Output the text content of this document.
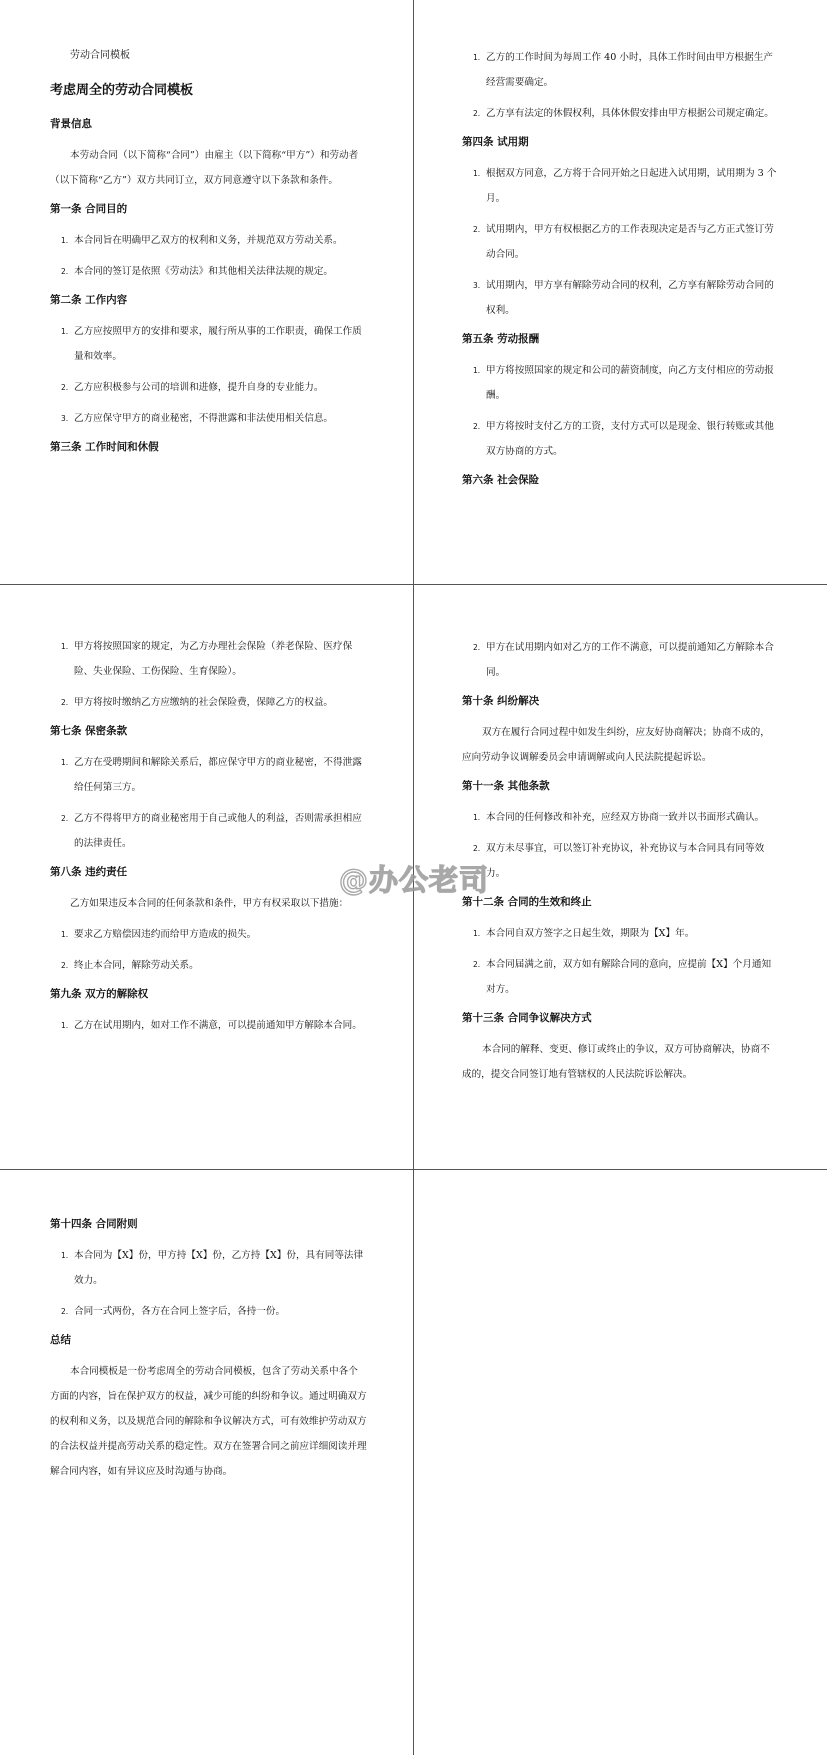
劳动合同模板
考虑周全的劳动合同模板
背景信息
本劳动合同（以下简称“合同”）由雇主（以下简称“甲方”）和劳动者（以下简称“乙方”）双方共同订立，双方同意遵守以下条款和条件。
第一条 合同目的
1. 本合同旨在明确甲乙双方的权利和义务，并规范双方劳动关系。
2. 本合同的签订是依照《劳动法》和其他相关法律法规的规定。
第二条 工作内容
1. 乙方应按照甲方的安排和要求，履行所从事的工作职责，确保工作质量和效率。
2. 乙方应积极参与公司的培训和进修，提升自身的专业能力。
3. 乙方应保守甲方的商业秘密，不得泄露和非法使用相关信息。
第三条 工作时间和休假
1. 乙方的工作时间为每周工作 40 小时，具体工作时间由甲方根据生产经营需要确定。
2. 乙方享有法定的休假权利，具体休假安排由甲方根据公司规定确定。
第四条 试用期
1. 根据双方同意，乙方将于合同开始之日起进入试用期，试用期为 3 个月。
2. 试用期内，甲方有权根据乙方的工作表现决定是否与乙方正式签订劳动合同。
3. 试用期内，甲方享有解除劳动合同的权利，乙方享有解除劳动合同的权利。
第五条 劳动报酬
1. 甲方将按照国家的规定和公司的薪资制度，向乙方支付相应的劳动报酬。
2. 甲方将按时支付乙方的工资，支付方式可以是现金、银行转账或其他双方协商的方式。
第六条 社会保险
1. 甲方将按照国家的规定，为乙方办理社会保险（养老保险、医疗保险、失业保险、工伤保险、生育保险）。
2. 甲方将按时缴纳乙方应缴纳的社会保险费，保障乙方的权益。
第七条 保密条款
1. 乙方在受聘期间和解除关系后，都应保守甲方的商业秘密，不得泄露给任何第三方。
2. 乙方不得将甲方的商业秘密用于自己或他人的利益，否则需承担相应的法律责任。
第八条 违约责任
乙方如果违反本合同的任何条款和条件，甲方有权采取以下措施：
1. 要求乙方赔偿因违约而给甲方造成的损失。
2. 终止本合同，解除劳动关系。
第九条 双方的解除权
1. 乙方在试用期内，如对工作不满意，可以提前通知甲方解除本合同。
2. 甲方在试用期内如对乙方的工作不满意，可以提前通知乙方解除本合同。
第十条 纠纷解决
双方在履行合同过程中如发生纠纷，应友好协商解决；协商不成的，应向劳动争议调解委员会申请调解或向人民法院提起诉讼。
第十一条 其他条款
1. 本合同的任何修改和补充，应经双方协商一致并以书面形式确认。
2. 双方未尽事宜，可以签订补充协议，补充协议与本合同具有同等效力。
第十二条 合同的生效和终止
1. 本合同自双方签字之日起生效，期限为【X】年。
2. 本合同届满之前，双方如有解除合同的意向，应提前【X】个月通知对方。
第十三条 合同争议解决方式
本合同的解释、变更、修订或终止的争议，双方可协商解决，协商不成的，提交合同签订地有管辖权的人民法院诉讼解决。
第十四条 合同附则
1. 本合同为【X】份，甲方持【X】份，乙方持【X】份，具有同等法律效力。
2. 合同一式两份，各方在合同上签字后，各持一份。
总结
本合同模板是一份考虑周全的劳动合同模板，包含了劳动关系中各个方面的内容，旨在保护双方的权益，减少可能的纠纷和争议。通过明确双方的权利和义务，以及规范合同的解除和争议解决方式，可有效维护劳动双方的合法权益并提高劳动关系的稳定性。双方在签署合同之前应详细阅读并理解合同内容，如有异议应及时沟通与协商。
@办公老司
